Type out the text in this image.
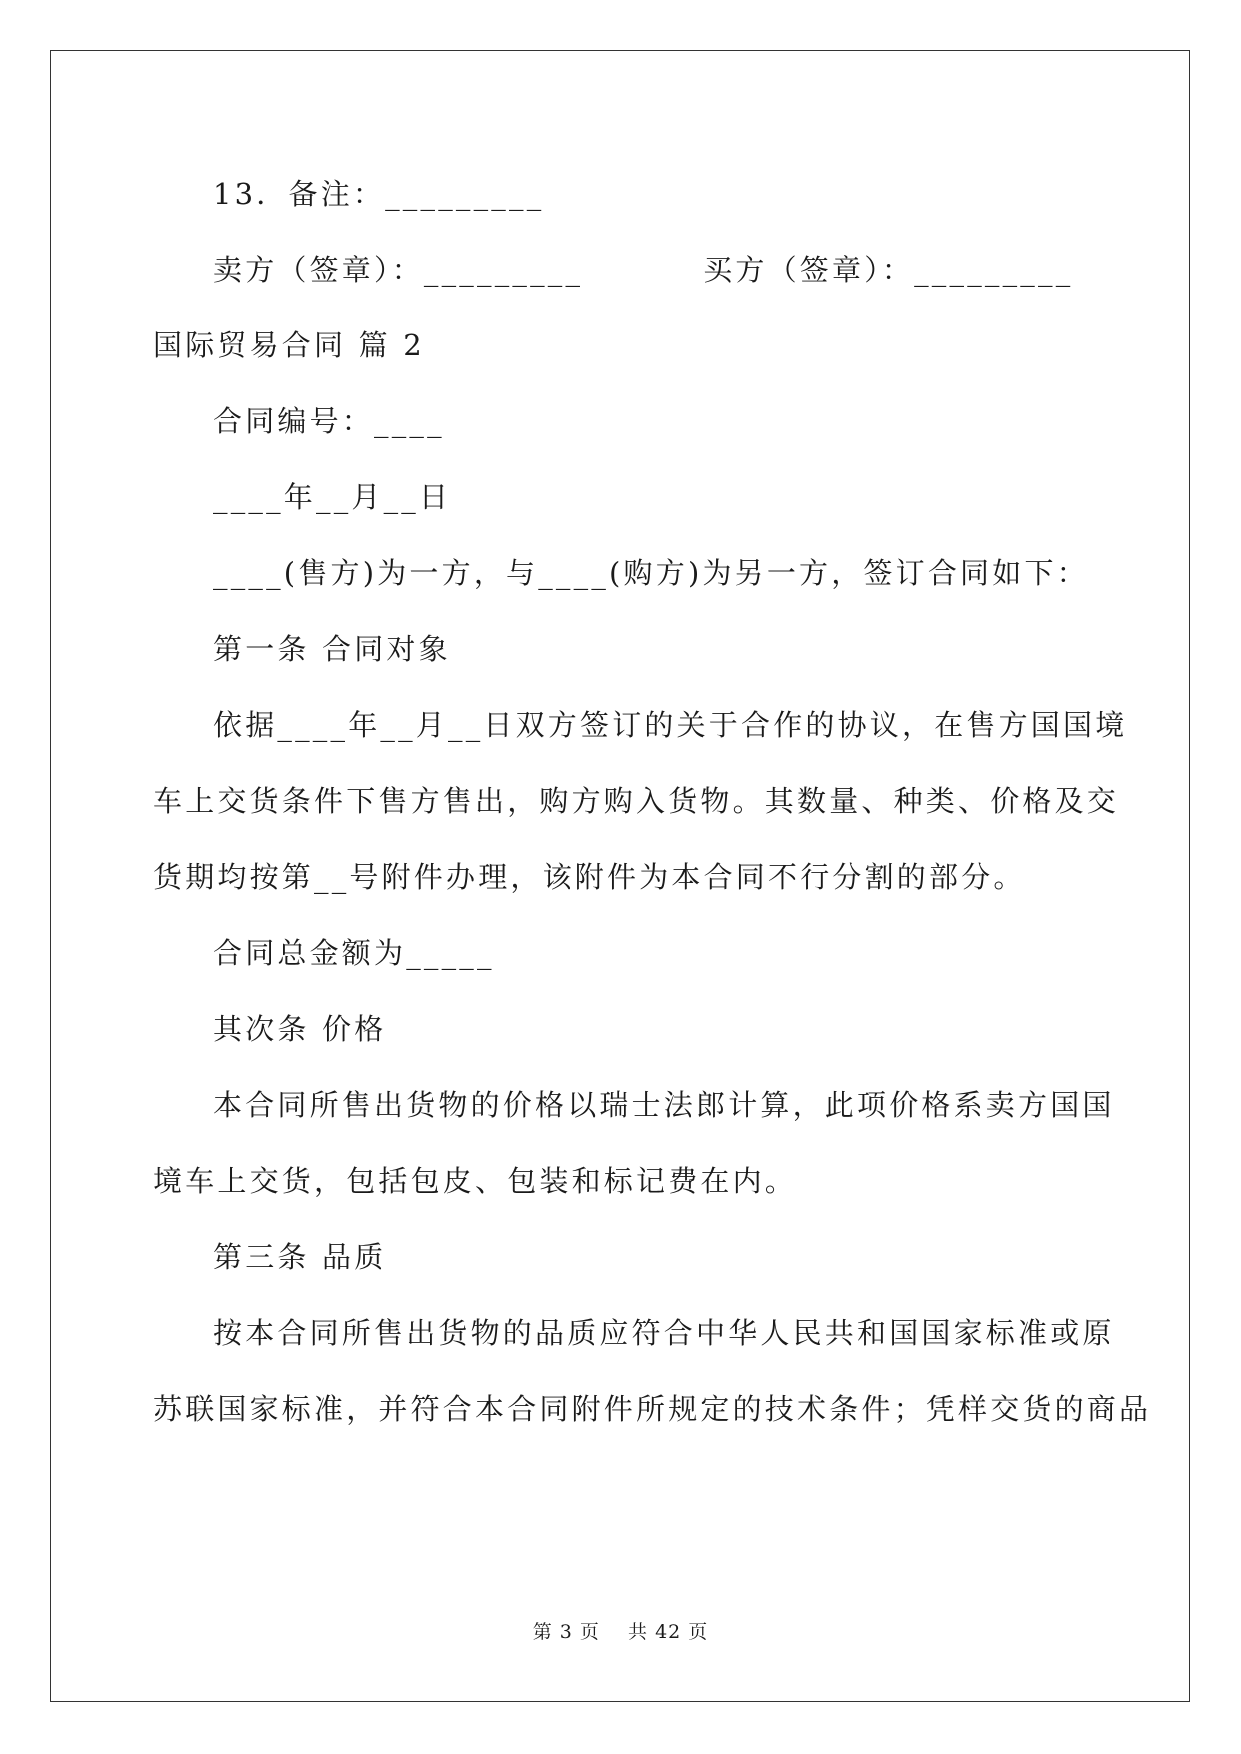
13．备注：_________
卖方（签章）：_________	买方（签章）：_________
国际贸易合同 篇 2
合同编号：____
____年__月__日
____(售方)为一方，与____(购方)为另一方，签订合同如下：
第一条 合同对象
依据____年__月__日双方签订的关于合作的协议，在售方国国境
车上交货条件下售方售出，购方购入货物。其数量、种类、价格及交
货期均按第__号附件办理，该附件为本合同不行分割的部分。
合同总金额为_____
其次条 价格
本合同所售出货物的价格以瑞士法郎计算，此项价格系卖方国国
境车上交货，包括包皮、包装和标记费在内。
第三条 品质
按本合同所售出货物的品质应符合中华人民共和国国家标准或原
苏联国家标准，并符合本合同附件所规定的技术条件；凭样交货的商品
第 3 页    共 42 页
